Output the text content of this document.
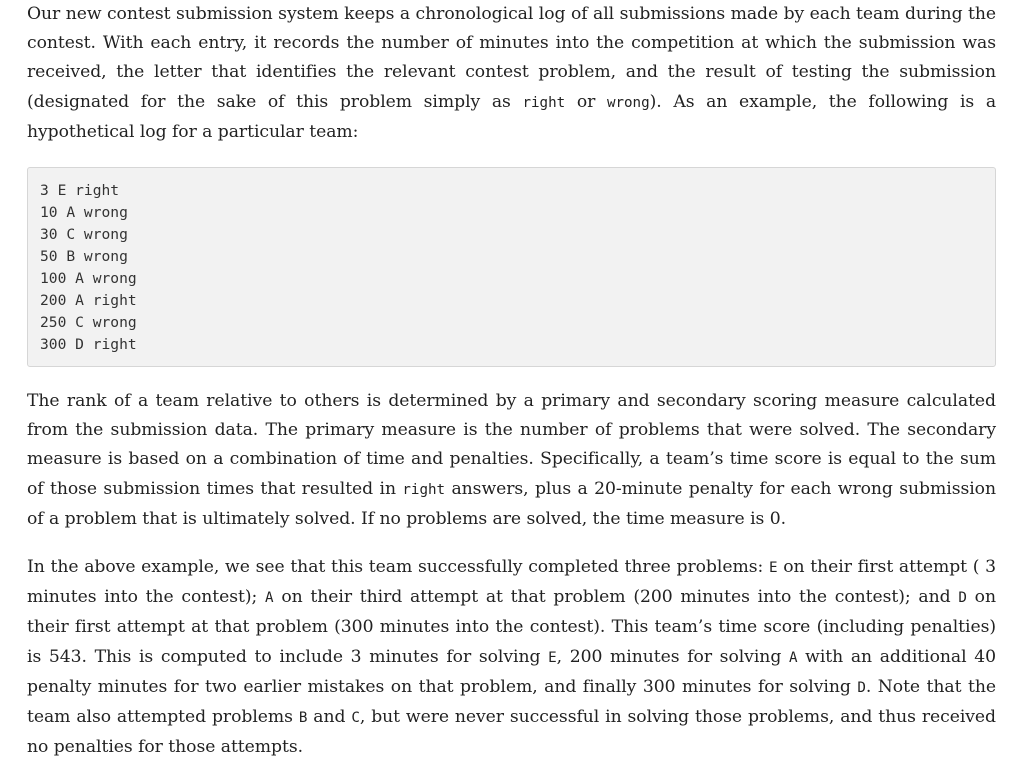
Our new contest submission system keeps a chronological log of all submissions made by each team during the contest. With each entry, it records the number of minutes into the competition at which the submission was received, the letter that identifies the relevant contest problem, and the result of testing the submission (designated for the sake of this problem simply as right or wrong). As an example, the following is a hypothetical log for a particular team:

3 E right
10 A wrong
30 C wrong
50 B wrong
100 A wrong
200 A right
250 C wrong
300 D right

The rank of a team relative to others is determined by a primary and secondary scoring measure calculated from the submission data. The primary measure is the number of problems that were solved. The secondary measure is based on a combination of time and penalties. Specifically, a team’s time score is equal to the sum of those submission times that resulted in right answers, plus a 20-minute penalty for each wrong submission of a problem that is ultimately solved. If no problems are solved, the time measure is 0.

In the above example, we see that this team successfully completed three problems: E on their first attempt ( 3 minutes into the contest); A on their third attempt at that problem (200 minutes into the contest); and D on their first attempt at that problem (300 minutes into the contest). This team’s time score (including penalties) is 543. This is computed to include 3 minutes for solving E, 200 minutes for solving A with an additional 40 penalty minutes for two earlier mistakes on that problem, and finally 300 minutes for solving D. Note that the team also attempted problems B and C, but were never successful in solving those problems, and thus received no penalties for those attempts.
